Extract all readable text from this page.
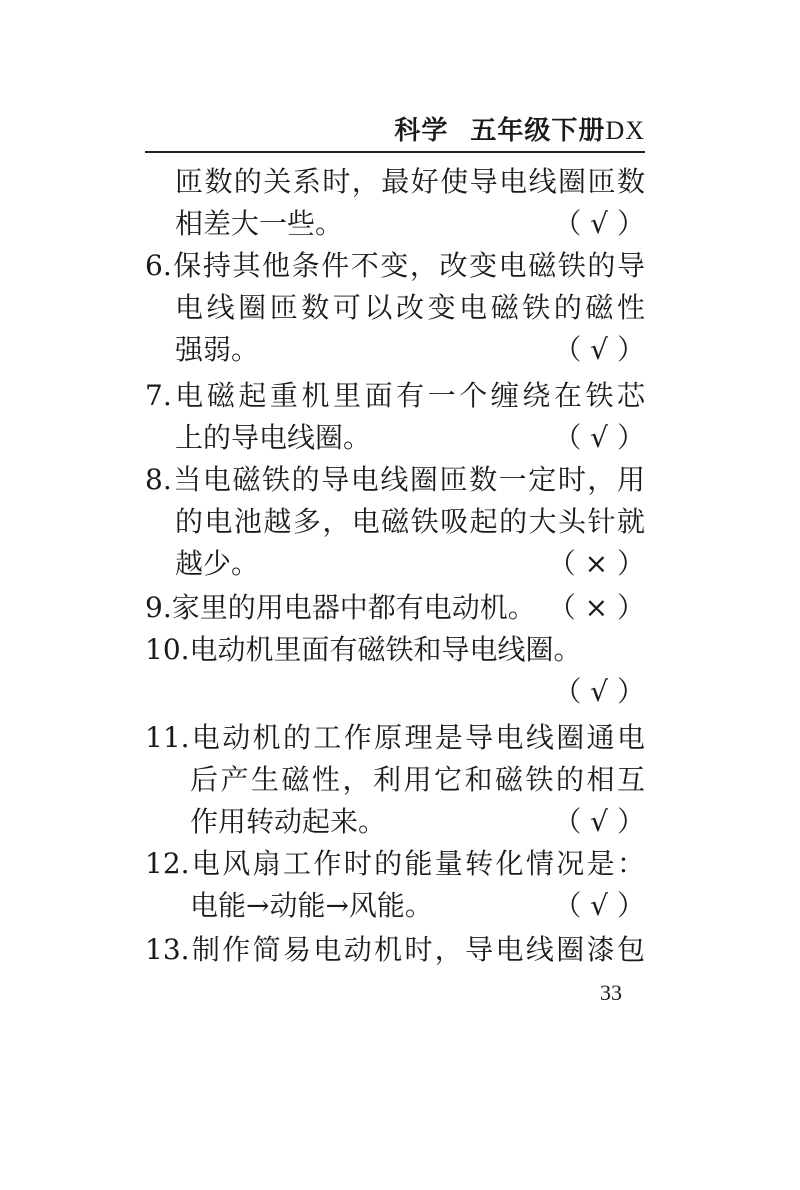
科学 五年级下册DX
匝数的关系时，最好使导电线圈匝数
相差大一些。	（ √ ）
6.保持其他条件不变，改变电磁铁的导
电线圈匝数可以改变电磁铁的磁性
强弱。	（ √ ）
7.电磁起重机里面有一个缠绕在铁芯
上的导电线圈。	（ √ ）
8.当电磁铁的导电线圈匝数一定时，用
的电池越多，电磁铁吸起的大头针就
越少。	（ × ）
9.家里的用电器中都有电动机。 （ × ）
10.电动机里面有磁铁和导电线圈。
（ √ ）
11.电动机的工作原理是导电线圈通电
后产生磁性，利用它和磁铁的相互
作用转动起来。	（ √ ）
12.电风扇工作时的能量转化情况是：
电能→动能→风能。	（ √ ）
13.制作简易电动机时，导电线圈漆包
33
